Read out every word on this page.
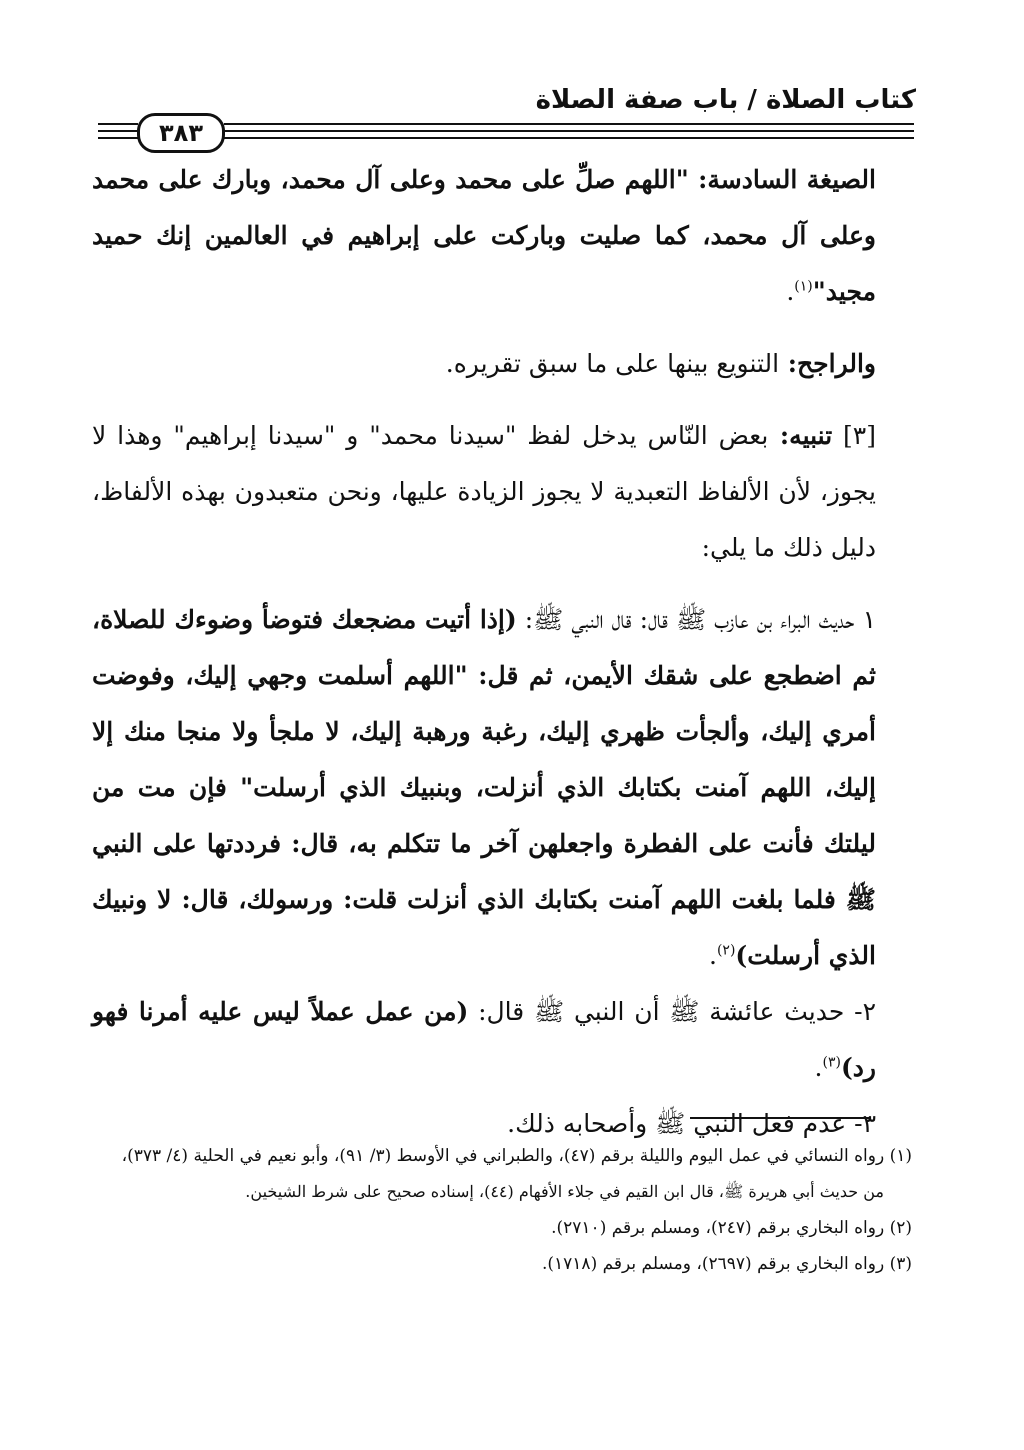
كتاب الصلاة / باب صفة الصلاة
٣٨٣

الصيغة السادسة: "اللهم صلِّ على محمد وعلى آل محمد، وبارك على محمد وعلى آل محمد، كما صليت وباركت على إبراهيم في العالمين إنك حميد مجيد"$^{(١)}$.

والراجح: التنويع بينها على ما سبق تقريره.

[٣] تنبيه: بعض النّاس يدخل لفظ "سيدنا محمد" و "سيدنا إبراهيم" وهذا لا يجوز، لأن الألفاظ التعبدية لا يجوز الزيادة عليها، ونحن متعبدون بهذه الألفاظ، دليل ذلك ما يلي:

١ حديث البراء بن عازب ﷺ قال: قال النبي ﷺ: (إذا أتيت مضجعك فتوضأ وضوءك للصلاة، ثم اضطجع على شقك الأيمن، ثم قل: "اللهم أسلمت وجهي إليك، وفوضت أمري إليك، وألجأت ظهري إليك، رغبة ورهبة إليك، لا ملجأ ولا منجا منك إلا إليك، اللهم آمنت بكتابك الذي أنزلت، وبنبيك الذي أرسلت" فإن مت من ليلتك فأنت على الفطرة واجعلهن آخر ما تتكلم به، قال: فرددتها على النبي ﷺ فلما بلغت اللهم آمنت بكتابك الذي أنزلت قلت: ورسولك، قال: لا ونبيك الذي أرسلت)$^{(٢)}$.

٢- حديث عائشة ﷺ أن النبي ﷺ قال: (من عمل عملاً ليس عليه أمرنا فهو رد)$^{(٣)}$.

٣- عدم فعل النبي ﷺ وأصحابه ذلك.

(١) رواه النسائي في عمل اليوم والليلة برقم (٤٧)، والطبراني في الأوسط (٣/ ٩١)، وأبو نعيم في الحلية (٤/ ٣٧٣)،

من حديث أبي هريرة ﷺ، قال ابن القيم في جلاء الأفهام (٤٤)، إسناده صحيح على شرط الشيخين.

(٢) رواه البخاري برقم (٢٤٧)، ومسلم برقم (٢٧١٠).

(٣) رواه البخاري برقم (٢٦٩٧)، ومسلم برقم (١٧١٨).
